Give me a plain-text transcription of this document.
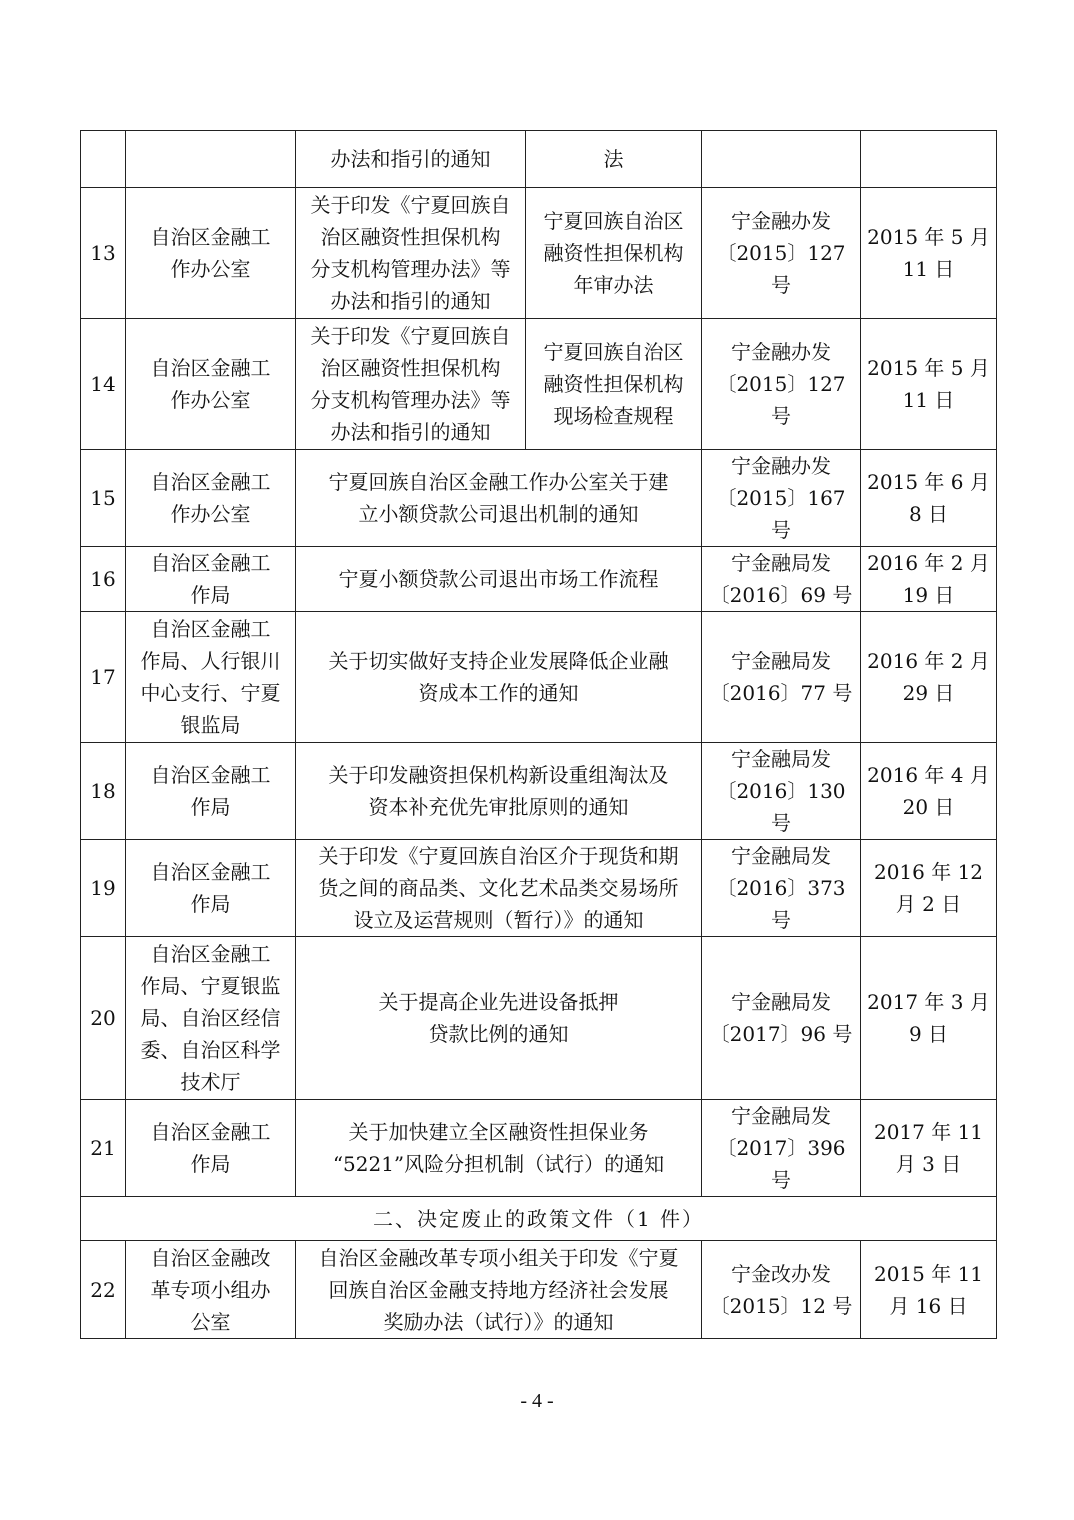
		办法和指引的通知	法		

13	自治区金融工
作办公室	关于印发《宁夏回族自
治区融资性担保机构
分支机构管理办法》等
办法和指引的通知	宁夏回族自治区
融资性担保机构
年审办法	宁金融办发
〔2015〕127 号	2015 年 5 月
11 日

14	自治区金融工
作办公室	关于印发《宁夏回族自
治区融资性担保机构
分支机构管理办法》等
办法和指引的通知	宁夏回族自治区
融资性担保机构
现场检查规程	宁金融办发
〔2015〕127 号	2015 年 5 月
11 日

15	自治区金融工
作办公室	宁夏回族自治区金融工作办公室关于建
立小额贷款公司退出机制的通知		宁金融办发
〔2015〕167 号	2015 年 6 月
8 日

16	自治区金融工
作局	宁夏小额贷款公司退出市场工作流程		宁金融局发
〔2016〕69 号	2016 年 2 月
19 日

17	自治区金融工
作局、人行银川
中心支行、宁夏
银监局	关于切实做好支持企业发展降低企业融
资成本工作的通知		宁金融局发
〔2016〕77 号	2016 年 2 月
29 日

18	自治区金融工
作局	关于印发融资担保机构新设重组淘汰及
资本补充优先审批原则的通知		宁金融局发
〔2016〕130 号	2016 年 4 月
20 日

19	自治区金融工
作局	关于印发《宁夏回族自治区介于现货和期
货之间的商品类、文化艺术品类交易场所
设立及运营规则（暂行）》的通知		宁金融局发
〔2016〕373 号	2016 年 12
月 2 日

20	自治区金融工
作局、宁夏银监
局、自治区经信
委、自治区科学
技术厅	关于提高企业先进设备抵押
贷款比例的通知		宁金融局发
〔2017〕96 号	2017 年 3 月
9 日

21	自治区金融工
作局	关于加快建立全区融资性担保业务
“5221”风险分担机制（试行）的通知		宁金融局发
〔2017〕396
号	2017 年 11
月 3 日

二、决定废止的政策文件（1 件）					
22	自治区金融改
革专项小组办
公室	自治区金融改革专项小组关于印发《宁夏
回族自治区金融支持地方经济社会发展
奖励办法（试行）》的通知		宁金改办发
〔2015〕12 号	2015 年 11
月 16 日
- 4 -
